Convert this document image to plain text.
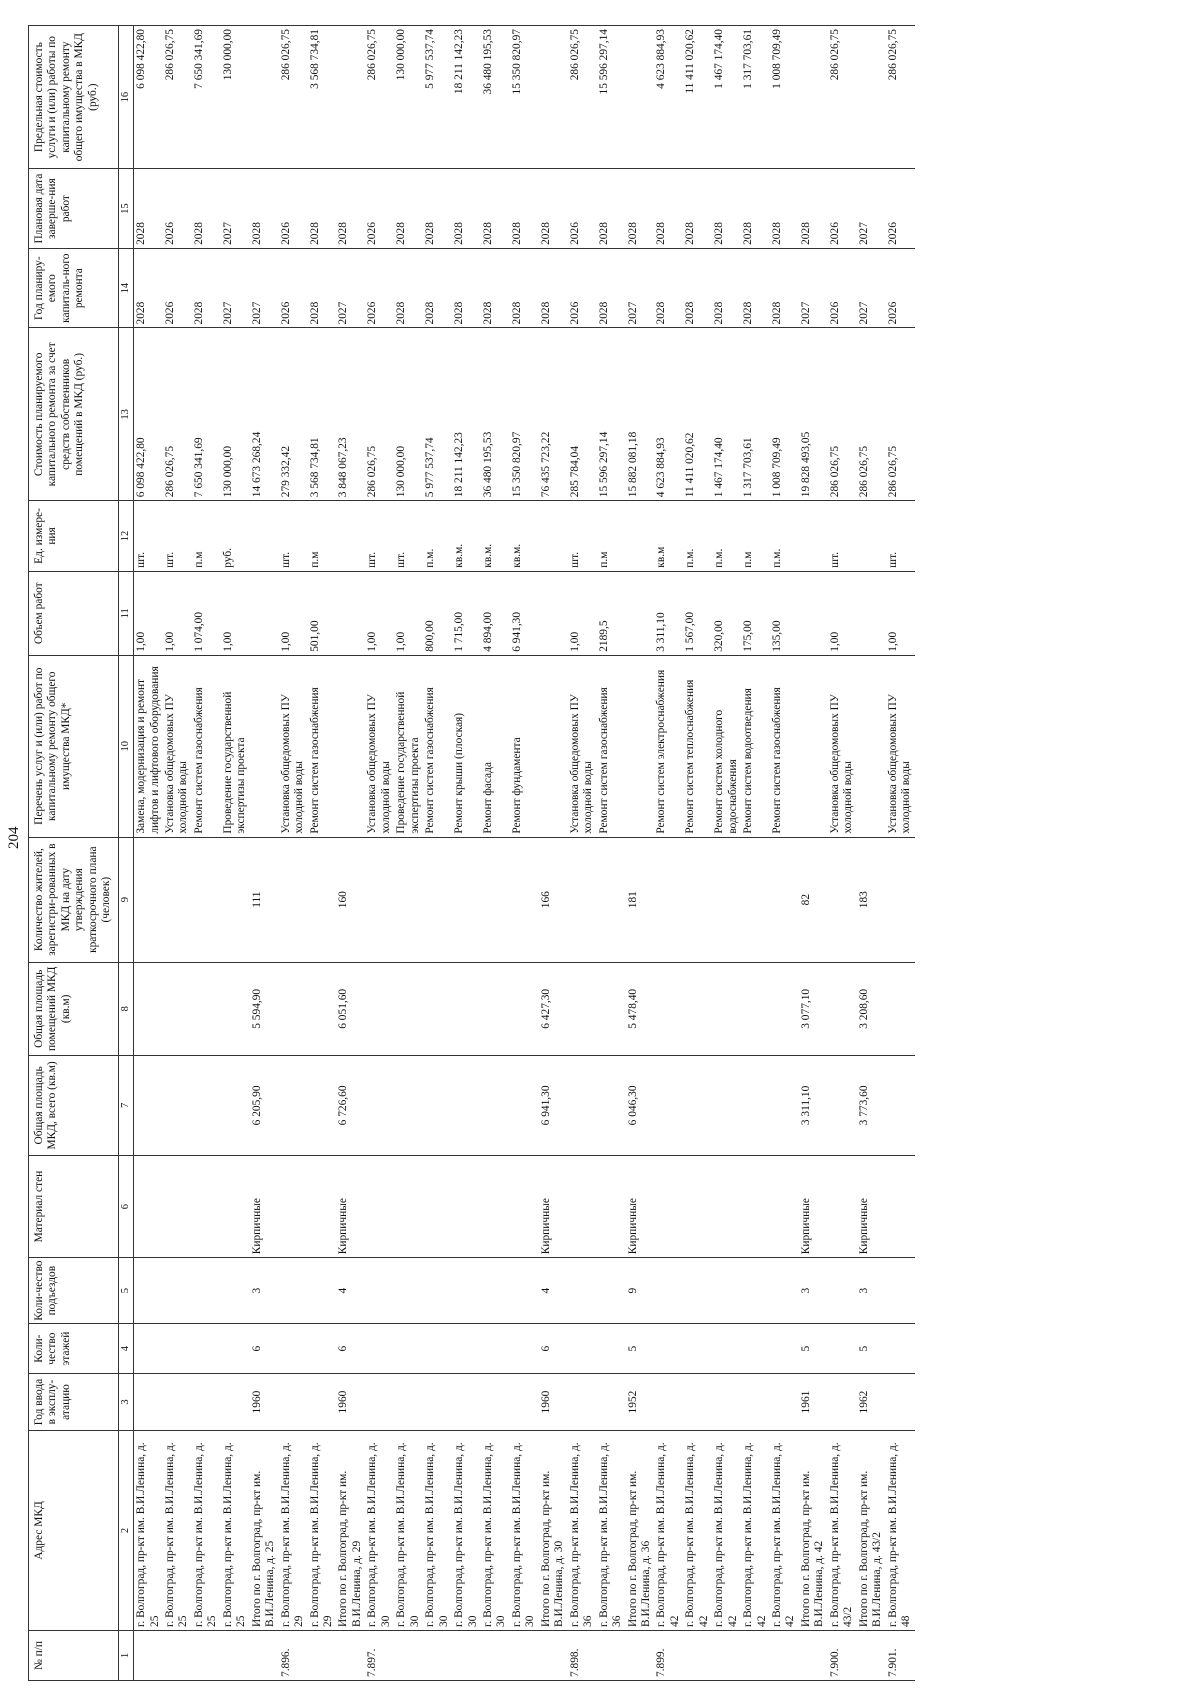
204
№ п/п	Адрес МКД	Год ввода в эксплу-атацию	Коли-чество этажей	Коли-чество подъездов	Материал стен	Общая площадь МКД, всего (кв.м)	Общая площадь помещений МКД (кв.м)	Количество жителей, зарегистри-рованных в МКД на дату утверждения краткосрочного плана (человек)	Перечень услуг и (или) работ по капитальному ремонту общего имущества МКД*	Объем работ	Ед. измере-ния	Стоимость планируемого капитального ремонта за счет средств собственников помещений в МКД (руб.)	Год планиру-емого капиталь-ного ремонта	Плановая дата заверше-ния работ	Предельная стоимость услуги и (или) работы по капитальному ремонту общего имущества в МКД (руб.)
1	2	3	4	5	6	7	8	9	10	11	12	13	14	15	16
	г. Волгоград, пр-кт им. В.И.Ленина, д. 25								Замена, модернизация и ремонт лифтов и лифтового оборудования	1,00	шт.	6 098 422,80	2028	2028	6 098 422,80
	г. Волгоград, пр-кт им. В.И.Ленина, д. 25								Установка общедомовых ПУ холодной воды	1,00	шт.	286 026,75	2026	2026	286 026,75
	г. Волгоград, пр-кт им. В.И.Ленина, д. 25								Ремонт систем газоснабжения	1 074,00	п.м	7 650 341,69	2028	2028	7 650 341,69
	г. Волгоград, пр-кт им. В.И.Ленина, д. 25								Проведение государственной экспертизы проекта	1,00	руб.	130 000,00	2027	2027	130 000,00
	Итого по г. Волгоград, пр-кт им. В.И.Ленина, д. 25	1960	6	3	Кирпичные	6 205,90	5 594,90	111				14 673 268,24	2027	2028	
7.896.	г. Волгоград, пр-кт им. В.И.Ленина, д. 29								Установка общедомовых ПУ холодной воды	1,00	шт.	279 332,42	2026	2026	286 026,75
	г. Волгоград, пр-кт им. В.И.Ленина, д. 29								Ремонт систем газоснабжения	501,00	п.м	3 568 734,81	2028	2028	3 568 734,81
	Итого по г. Волгоград, пр-кт им. В.И.Ленина, д. 29	1960	6	4	Кирпичные	6 726,60	6 051,60	160				3 848 067,23	2027	2028	
7.897.	г. Волгоград, пр-кт им. В.И.Ленина, д. 30								Установка общедомовых ПУ холодной воды	1,00	шт.	286 026,75	2026	2026	286 026,75
	г. Волгоград, пр-кт им. В.И.Ленина, д. 30								Проведение государственной экспертизы проекта	1,00	шт.	130 000,00	2028	2028	130 000,00
	г. Волгоград, пр-кт им. В.И.Ленина, д. 30								Ремонт систем газоснабжения	800,00	п.м.	5 977 537,74	2028	2028	5 977 537,74
	г. Волгоград, пр-кт им. В.И.Ленина, д. 30								Ремонт крыши (плоская)	1 715,00	кв.м.	18 211 142,23	2028	2028	18 211 142,23
	г. Волгоград, пр-кт им. В.И.Ленина, д. 30								Ремонт фасада	4 894,00	кв.м.	36 480 195,53	2028	2028	36 480 195,53
	г. Волгоград, пр-кт им. В.И.Ленина, д. 30								Ремонт фундамента	6 941,30	кв.м.	15 350 820,97	2028	2028	15 350 820,97
	Итого по г. Волгоград, пр-кт им. В.И.Ленина, д. 30	1960	6	4	Кирпичные	6 941,30	6 427,30	166				76 435 723,22	2028	2028	
7.898.	г. Волгоград, пр-кт им. В.И.Ленина, д. 36								Установка общедомовых ПУ холодной воды	1,00	шт.	285 784,04	2026	2026	286 026,75
	г. Волгоград, пр-кт им. В.И.Ленина, д. 36								Ремонт систем газоснабжения	2189,5	п.м	15 596 297,14	2028	2028	15 596 297,14
	Итого по г. Волгоград, пр-кт им. В.И.Ленина, д. 36	1952	5	9	Кирпичные	6 046,30	5 478,40	181				15 882 081,18	2027	2028	
7.899.	г. Волгоград, пр-кт им. В.И.Ленина, д. 42								Ремонт систем электроснабжения	3 311,10	кв.м	4 623 884,93	2028	2028	4 623 884,93
	г. Волгоград, пр-кт им. В.И.Ленина, д. 42								Ремонт систем теплоснабжения	1 567,00	п.м.	11 411 020,62	2028	2028	11 411 020,62
	г. Волгоград, пр-кт им. В.И.Ленина, д. 42								Ремонт систем холодного водоснабжения	320,00	п.м.	1 467 174,40	2028	2028	1 467 174,40
	г. Волгоград, пр-кт им. В.И.Ленина, д. 42								Ремонт систем водоотведения	175,00	п.м	1 317 703,61	2028	2028	1 317 703,61
	г. Волгоград, пр-кт им. В.И.Ленина, д. 42								Ремонт систем газоснабжения	135,00	п.м.	1 008 709,49	2028	2028	1 008 709,49
	Итого по г. Волгоград, пр-кт им. В.И.Ленина, д. 42	1961	5	3	Кирпичные	3 311,10	3 077,10	82				19 828 493,05	2027	2028	
7.900.	г. Волгоград, пр-кт им. В.И.Ленина, д. 43/2								Установка общедомовых ПУ холодной воды	1,00	шт.	286 026,75	2026	2026	286 026,75
	Итого по г. Волгоград, пр-кт им. В.И.Ленина, д. 43/2	1962	5	3	Кирпичные	3 773,60	3 208,60	183				286 026,75	2027	2027	
7.901.	г. Волгоград, пр-кт им. В.И.Ленина, д. 48								Установка общедомовых ПУ холодной воды	1,00	шт.	286 026,75	2026	2026	286 026,75
